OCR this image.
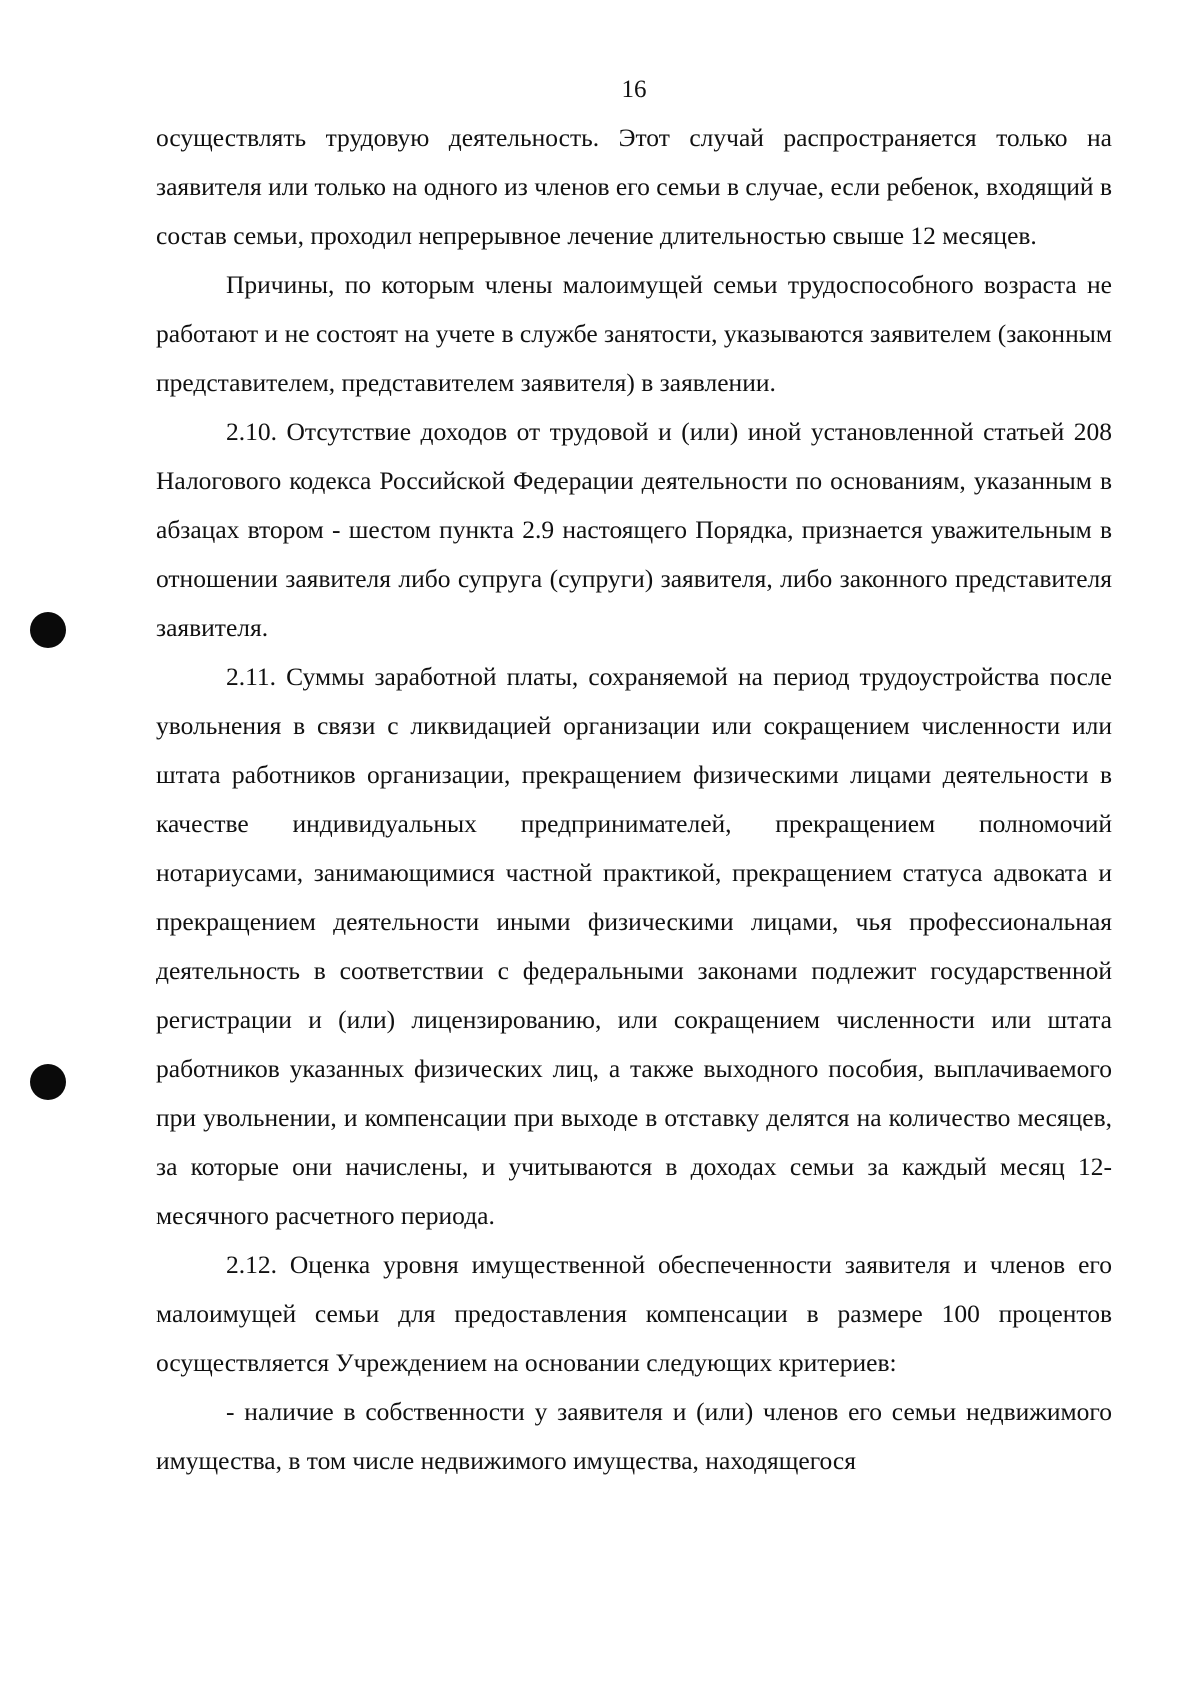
16

осуществлять трудовую деятельность. Этот случай распространяется только на заявителя или только на одного из членов его семьи в случае, если ребенок, входящий в состав семьи, проходил непрерывное лечение длительностью свыше 12 месяцев.

Причины, по которым члены малоимущей семьи трудоспособного возраста не работают и не состоят на учете в службе занятости, указываются заявителем (законным представителем, представителем заявителя) в заявлении.

2.10. Отсутствие доходов от трудовой и (или) иной установленной статьей 208 Налогового кодекса Российской Федерации деятельности по основаниям, указанным в абзацах втором - шестом пункта 2.9 настоящего Порядка, признается уважительным в отношении заявителя либо супруга (супруги) заявителя, либо законного представителя заявителя.

2.11. Суммы заработной платы, сохраняемой на период трудоустройства после увольнения в связи с ликвидацией организации или сокращением численности или штата работников организации, прекращением физическими лицами деятельности в качестве индивидуальных предпринимателей, прекращением полномочий нотариусами, занимающимися частной практикой, прекращением статуса адвоката и прекращением деятельности иными физическими лицами, чья профессиональная деятельность в соответствии с федеральными законами подлежит государственной регистрации и (или) лицензированию, или сокращением численности или штата работников указанных физических лиц, а также выходного пособия, выплачиваемого при увольнении, и компенсации при выходе в отставку делятся на количество месяцев, за которые они начислены, и учитываются в доходах семьи за каждый месяц 12-месячного расчетного периода.

2.12. Оценка уровня имущественной обеспеченности заявителя и членов его малоимущей семьи для предоставления компенсации в размере 100 процентов осуществляется Учреждением на основании следующих критериев:

- наличие в собственности у заявителя и (или) членов его семьи недвижимого имущества, в том числе недвижимого имущества, находящегося
